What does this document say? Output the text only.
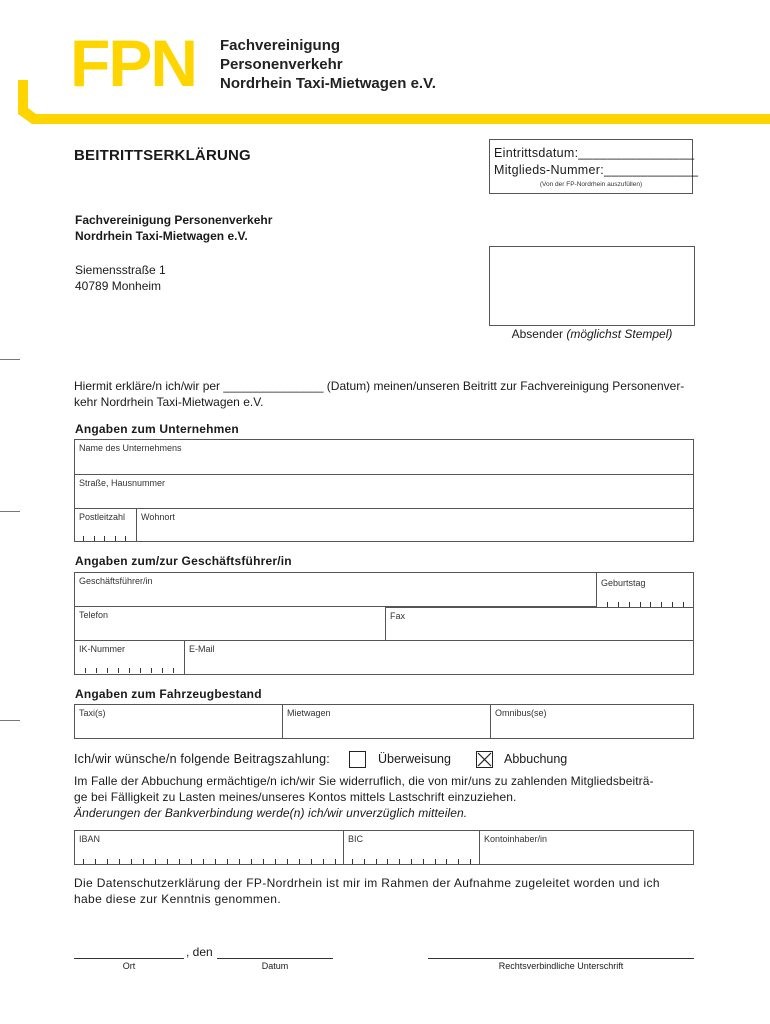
FPN Fachvereinigung
Personenverkehr
Nordrhein Taxi-Mietwagen e.V.
BEITRITTSERKLÄRUNG	Eintrittsdatum:________________
Mitglieds-Nummer:_____________
(Von der FP-Nordrhein auszufüllen)
Fachvereinigung Personenverkehr
Nordrhein Taxi-Mietwagen e.V.
Siemensstraße 1
40789 Monheim
Absender (möglichst Stempel)
Hiermit erkläre/n ich/wir per _______________ (Datum) meinen/unseren Beitritt zur Fachvereinigung Personenver-
kehr Nordrhein Taxi-Mietwagen e.V.
Angaben zum Unternehmen
Name des Unternehmens
Straße, Hausnummer
Postleitzahl Wohnort
Angaben zum/zur Geschäftsführer/in
Geschäftsführer/in	Geburtstag
Telefon	Fax
IK-Nummer	E-Mail
Angaben zum Fahrzeugbestand
Taxi(s)	Mietwagen	Omnibus(se)
Ich/wir wünsche/n folgende Beitragszahlung:	Überweisung	Abbuchung
Im Falle der Abbuchung ermächtige/n ich/wir Sie widerruflich, die von mir/uns zu zahlenden Mitgliedsbeiträ-
ge bei Fälligkeit zu Lasten meines/unseres Kontos mittels Lastschrift einzuziehen.
Änderungen der Bankverbindung werde(n) ich/wir unverzüglich mitteilen.
IBAN	BIC	Kontoinhaber/in
Die Datenschutzerklärung der FP-Nordrhein ist mir im Rahmen der Aufnahme zugeleitet worden und ich
habe diese zur Kenntnis genommen.
, den
Ort	Datum	Rechtsverbindliche Unterschrift
